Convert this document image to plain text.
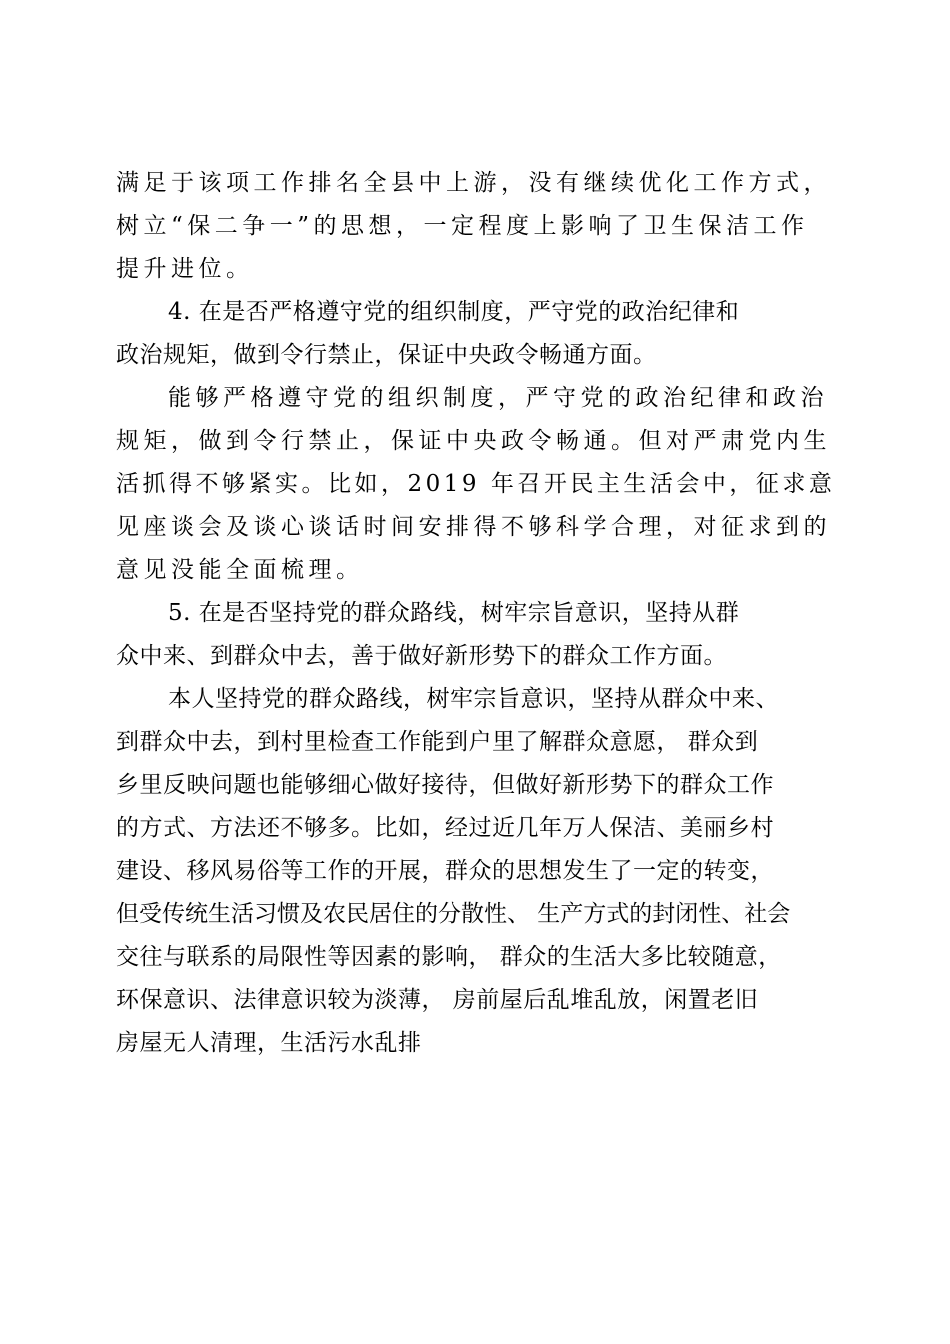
满足于该项工作排名全县中上游，没有继续优化工作方式，
树立“保二争一”的思想，一定程度上影响了卫生保洁工作
提升进位。
4. 在是否严格遵守党的组织制度，严守党的政治纪律和
政治规矩，做到令行禁止，保证中央政令畅通方面。
能够严格遵守党的组织制度，严守党的政治纪律和政治
规矩，做到令行禁止，保证中央政令畅通。但对严肃党内生
活抓得不够紧实。比如，2019 年召开民主生活会中，征求意
见座谈会及谈心谈话时间安排得不够科学合理，对征求到的
意见没能全面梳理。
5. 在是否坚持党的群众路线，树牢宗旨意识，坚持从群
众中来、到群众中去，善于做好新形势下的群众工作方面。
本人坚持党的群众路线，树牢宗旨意识，坚持从群众中来、
到群众中去，到村里检查工作能到户里了解群众意愿， 群众到
乡里反映问题也能够细心做好接待，但做好新形势下的群众工作
的方式、方法还不够多。比如，经过近几年万人保洁、美丽乡村
建设、移风易俗等工作的开展，群众的思想发生了一定的转变，
但受传统生活习惯及农民居住的分散性、 生产方式的封闭性、社会
交往与联系的局限性等因素的影响， 群众的生活大多比较随意，
环保意识、法律意识较为淡薄， 房前屋后乱堆乱放，闲置老旧
房屋无人清理，生活污水乱排
